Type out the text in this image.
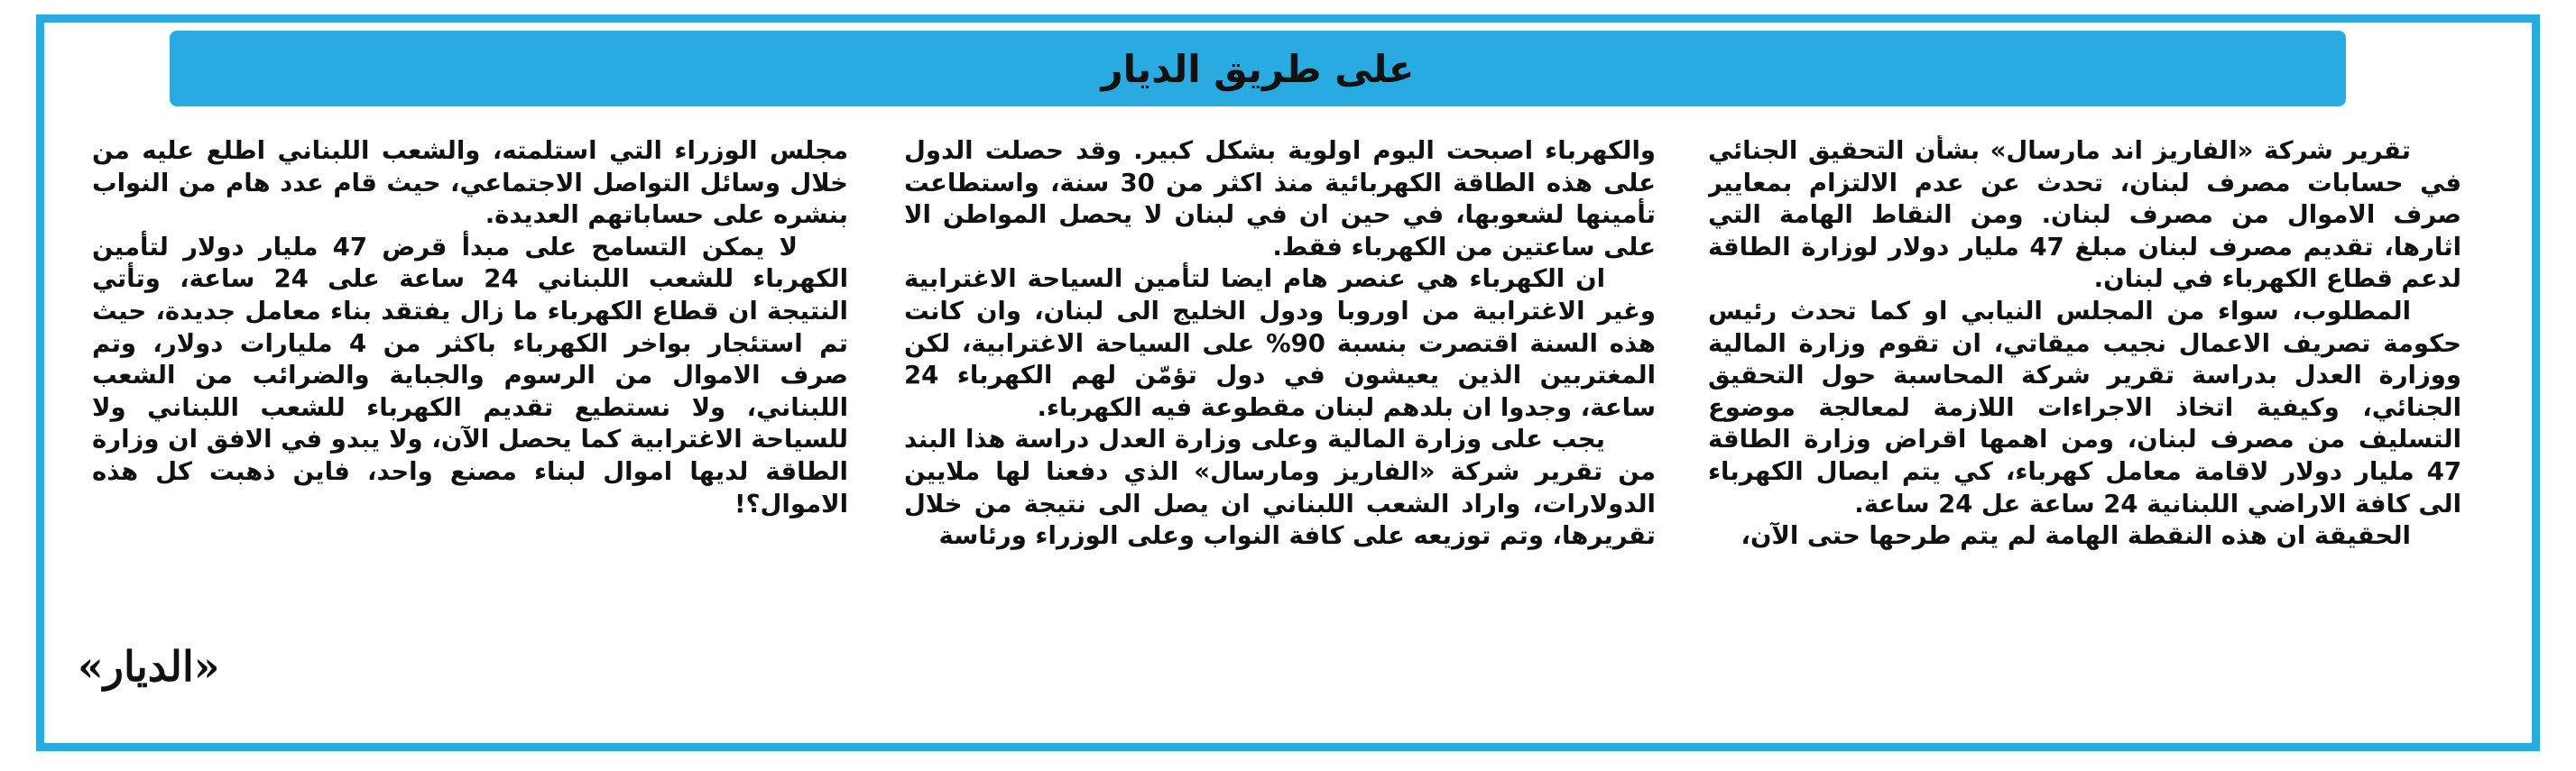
على طريق الديار

تقرير شركة «الفاريز اند مارسال» بشأن التحقيق الجنائي في حسابات مصرف لبنان، تحدث عن عدم الالتزام بمعايير صرف الاموال من مصرف لبنان. ومن النقاط الهامة التي اثارها، تقديم مصرف لبنان مبلغ 47 مليار دولار لوزارة الطاقة لدعم قطاع الكهرباء في لبنان.

المطلوب، سواء من المجلس النيابي او كما تحدث رئيس حكومة تصريف الاعمال نجيب ميقاتي، ان تقوم وزارة المالية ووزارة العدل بدراسة تقرير شركة المحاسبة حول التحقيق الجنائي، وكيفية اتخاذ الاجراءات اللازمة لمعالجة موضوع التسليف من مصرف لبنان، ومن اهمها اقراض وزارة الطاقة 47 مليار دولار لاقامة معامل كهرباء، كي يتم ايصال الكهرباء الى كافة الاراضي اللبنانية 24 ساعة عل 24 ساعة.

الحقيقة ان هذه النقطة الهامة لم يتم طرحها حتى الآن،

والكهرباء اصبحت اليوم اولوية بشكل كبير. وقد حصلت الدول على هذه الطاقة الكهربائية منذ اكثر من 30 سنة، واستطاعت تأمينها لشعوبها، في حين ان في لبنان لا يحصل المواطن الا على ساعتين من الكهرباء فقط.

ان الكهرباء هي عنصر هام ايضا لتأمين السياحة الاغترابية وغير الاغترابية من اوروبا ودول الخليج الى لبنان، وان كانت هذه السنة اقتصرت بنسبة 90% على السياحة الاغترابية، لكن المغتربين الذين يعيشون في دول تؤمّن لهم الكهرباء 24 ساعة، وجدوا ان بلدهم لبنان مقطوعة فيه الكهرباء.

يجب على وزارة المالية وعلى وزارة العدل دراسة هذا البند من تقرير شركة «الفاريز ومارسال» الذي دفعنا لها ملايين الدولارات، واراد الشعب اللبناني ان يصل الى نتيجة من خلال تقريرها، وتم توزيعه على كافة النواب وعلى الوزراء ورئاسة

مجلس الوزراء التي استلمته، والشعب اللبناني اطلع عليه من خلال وسائل التواصل الاجتماعي، حيث قام عدد هام من النواب بنشره على حساباتهم العديدة.

لا يمكن التسامح على مبدأ قرض 47 مليار دولار لتأمين الكهرباء للشعب اللبناني 24 ساعة على 24 ساعة، وتأتي النتيجة ان قطاع الكهرباء ما زال يفتقد بناء معامل جديدة، حيث تم استئجار بواخر الكهرباء باكثر من 4 مليارات دولار، وتم صرف الاموال من الرسوم والجباية والضرائب من الشعب اللبناني، ولا نستطيع تقديم الكهرباء للشعب اللبناني ولا للسياحة الاغترابية كما يحصل الآن، ولا يبدو في الافق ان وزارة الطاقة لديها اموال لبناء مصنع واحد، فاين ذهبت كل هذه الاموال؟!

«الديار»
